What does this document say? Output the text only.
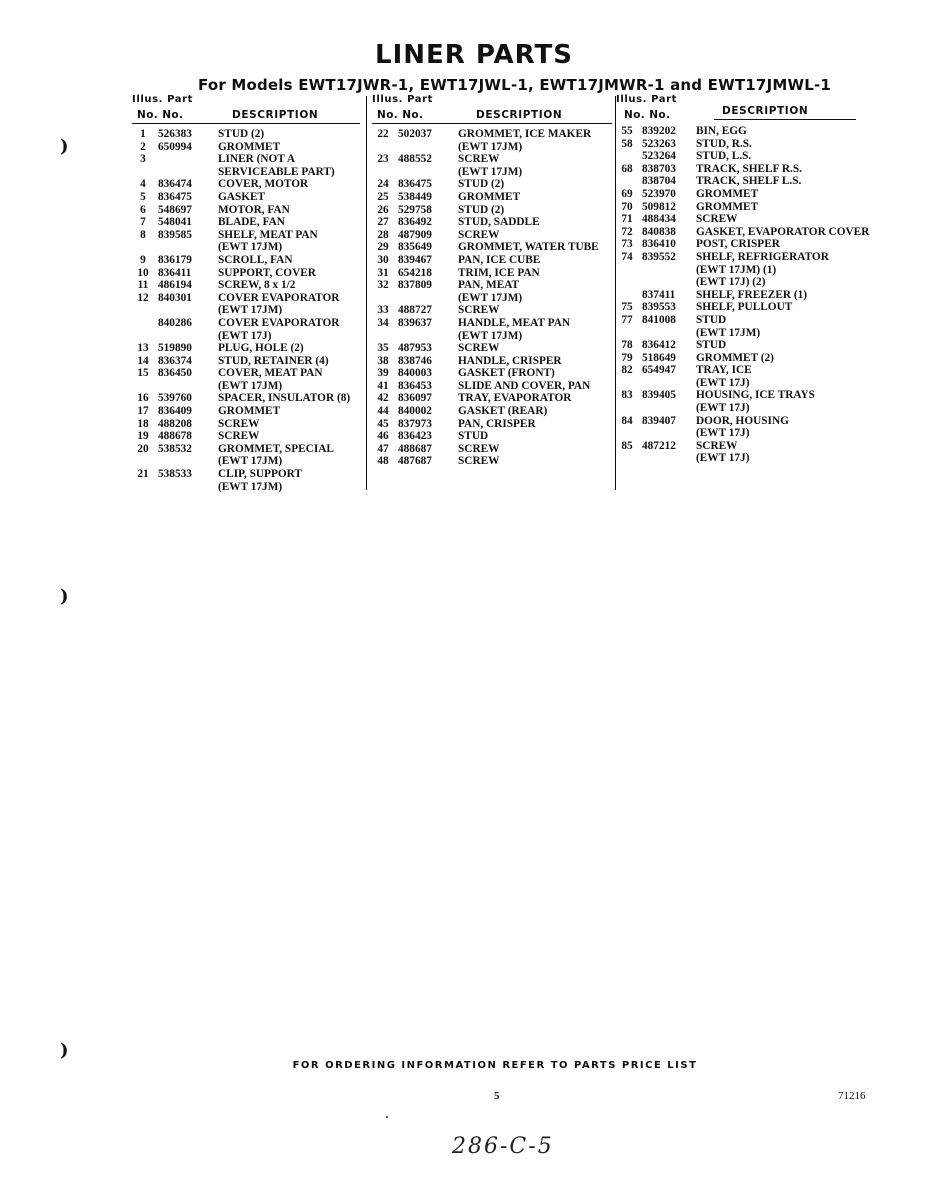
LINER PARTS
For Models EWT17JWR-1, EWT17JWL-1, EWT17JMWR-1 and EWT17JMWL-1
Illus. Part
No. No.	DESCRIPTION
1	526383	STUD (2)
2	650994	GROMMET
3	LINER (NOT A
SERVICEABLE PART)
4	836474	COVER, MOTOR
5	836475	GASKET
6	548697	MOTOR, FAN
7	548041	BLADE, FAN
8	839585	SHELF, MEAT PAN
(EWT 17JM)
9	836179	SCROLL, FAN
10 836411	SUPPORT, COVER
11 486194	SCREW, 8 x 1/2
12 840301	COVER EVAPORATOR
(EWT 17JM)
840286	COVER EVAPORATOR
(EWT 17J)
13 519890	PLUG, HOLE (2)
14 836374	STUD, RETAINER (4)
15 836450	COVER, MEAT PAN
(EWT 17JM)
16 539760	SPACER, INSULATOR (8)
17 836409	GROMMET
18 488208	SCREW
19 488678	SCREW
20 538532	GROMMET, SPECIAL
(EWT 17JM)
21 538533	CLIP, SUPPORT
(EWT 17JM)
Illus. Part
No. No.	DESCRIPTION
22 502037	GROMMET, ICE MAKER
(EWT 17JM)
23 488552	SCREW
(EWT 17JM)
24 836475	STUD (2)
25 538449	GROMMET
26 529758	STUD (2)
27 836492	STUD, SADDLE
28 487909	SCREW
29 835649	GROMMET, WATER TUBE
30 839467	PAN, ICE CUBE
31 654218	TRIM, ICE PAN
32 837809	PAN, MEAT
(EWT 17JM)
33 488727	SCREW
34 839637	HANDLE, MEAT PAN
(EWT 17JM)
35 487953	SCREW
38 838746	HANDLE, CRISPER
39 840003	GASKET (FRONT)
41 836453	SLIDE AND COVER, PAN
42 836097	TRAY, EVAPORATOR
44 840002	GASKET (REAR)
45 837973	PAN, CRISPER
46 836423	STUD
47 488687	SCREW
48 487687	SCREW
Illus. Part
No. No.	DESCRIPTION
55 839202	BIN, EGG
58 523263	STUD, R.S.
523264	STUD, L.S.
68 838703	TRACK, SHELF R.S.
838704	TRACK, SHELF L.S.
69 523970	GROMMET
70 509812	GROMMET
71 488434	SCREW
72 840838	GASKET, EVAPORATOR COVER
73 836410	POST, CRISPER
74 839552	SHELF, REFRIGERATOR
(EWT 17JM) (1)
(EWT 17J) (2)
837411	SHELF, FREEZER (1)
75 839553	SHELF, PULLOUT
77 841008	STUD
(EWT 17JM)
78 836412	STUD
79 518649	GROMMET (2)
82 654947	TRAY, ICE
(EWT 17J)
83 839405	HOUSING, ICE TRAYS
(EWT 17J)
84 839407	DOOR, HOUSING
(EWT 17J)
85 487212	SCREW
(EWT 17J)
)
)
)
FOR ORDERING INFORMATION REFER TO PARTS PRICE LIST
5	71216
286-C-5
